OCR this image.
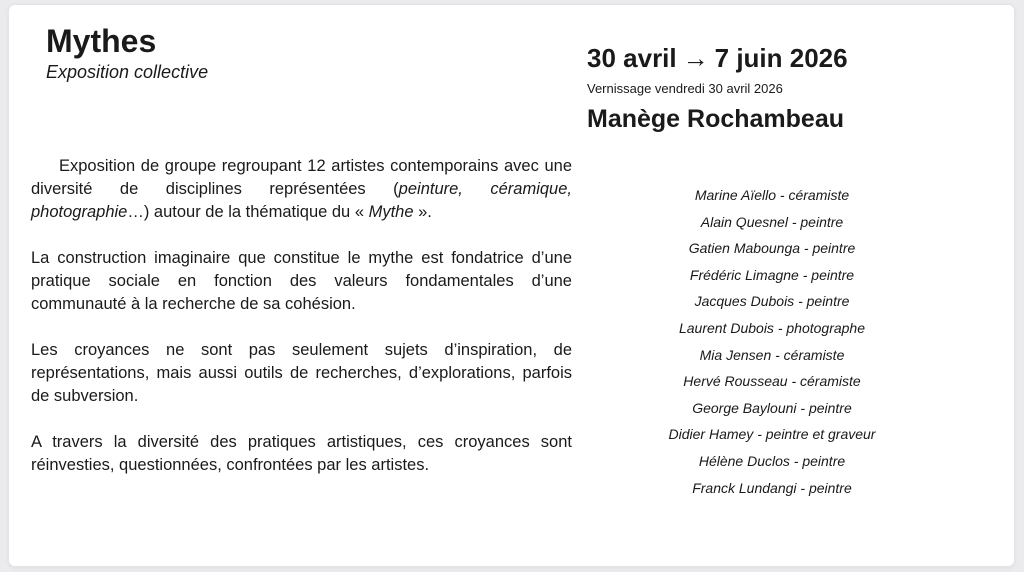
Mythes
Exposition collective	30 avril → 7 juin 2026
Vernissage vendredi 30 avril 2026
Manège Rochambeau

Exposition de groupe regroupant 12 artistes contemporains avec une diversité de disciplines représentées (peinture, céramique, photographie…) autour de la thématique du « Mythe ».

La construction imaginaire que constitue le mythe est fondatrice d’une pratique sociale en fonction des valeurs fondamentales d’une communauté à la recherche de sa cohésion.

Les croyances ne sont pas seulement sujets d’inspiration, de représentations, mais aussi outils de recherches, d’explorations, parfois de subversion.

A travers la diversité des pratiques artistiques, ces croyances sont réinvesties, questionnées, confrontées par les artistes.

Marine Aïello - céramiste
Alain Quesnel - peintre
Gatien Mabounga - peintre
Frédéric Limagne - peintre
Jacques Dubois - peintre
Laurent Dubois - photographe
Mia Jensen - céramiste
Hervé Rousseau - céramiste
George Baylouni - peintre
Didier Hamey - peintre et graveur
Hélène Duclos - peintre
Franck Lundangi - peintre
